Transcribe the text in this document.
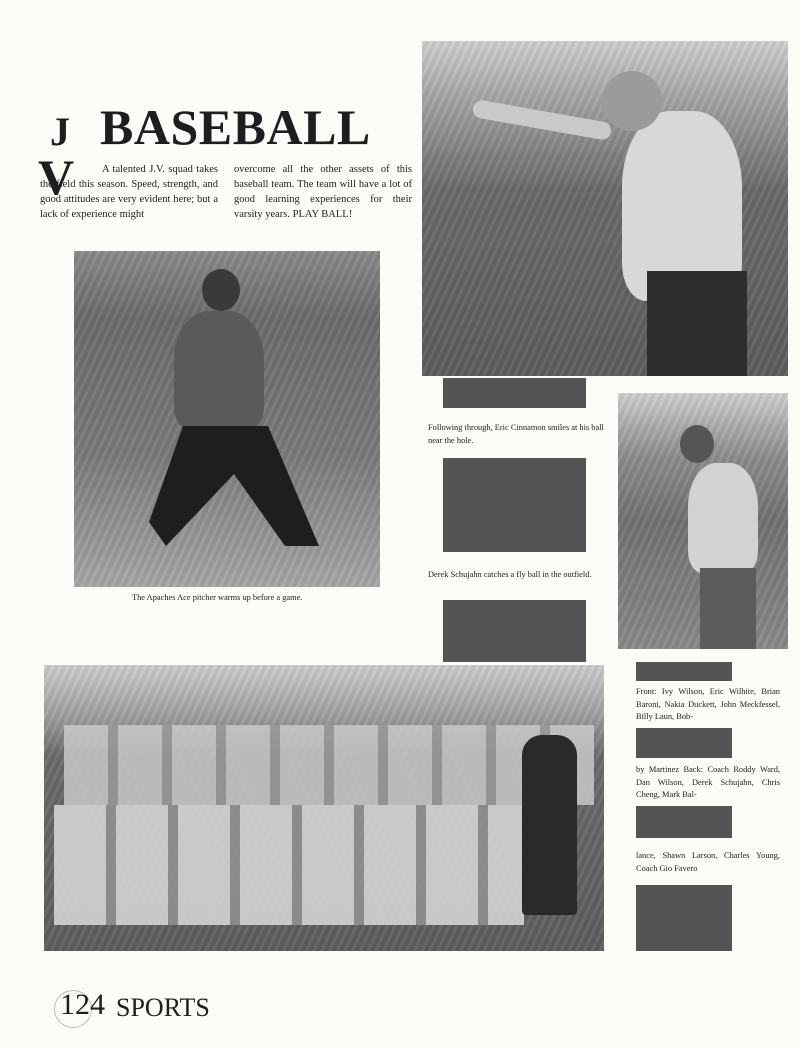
J BASEBALL
V	A talented J.V. squad takes the field this season. Speed, strength, and good attitudes are very evident here; but a lack of experience might
overcome all the other assets of this baseball team. The team will have a lot of good learning experiences for their varsity years. PLAY BALL!
The Apaches Ace pitcher warms up before a game.
Following through, Eric Cinnamon smiles at his ball near the hole.
Derek Schujahn catches a fly ball in the outfield.
Front: Ivy Wilson, Eric Wilhite, Brian Baroni, Nakia Duckett, John Meckfessel, Billy Laun, Bob-
by Martinez Back: Coach Roddy Ward, Dan Wilson, Derek Schujahn, Chris Cheng, Mark Bal-
lance, Shawn Larson, Charles Young, Coach Gio Favero
124 SPORTS
